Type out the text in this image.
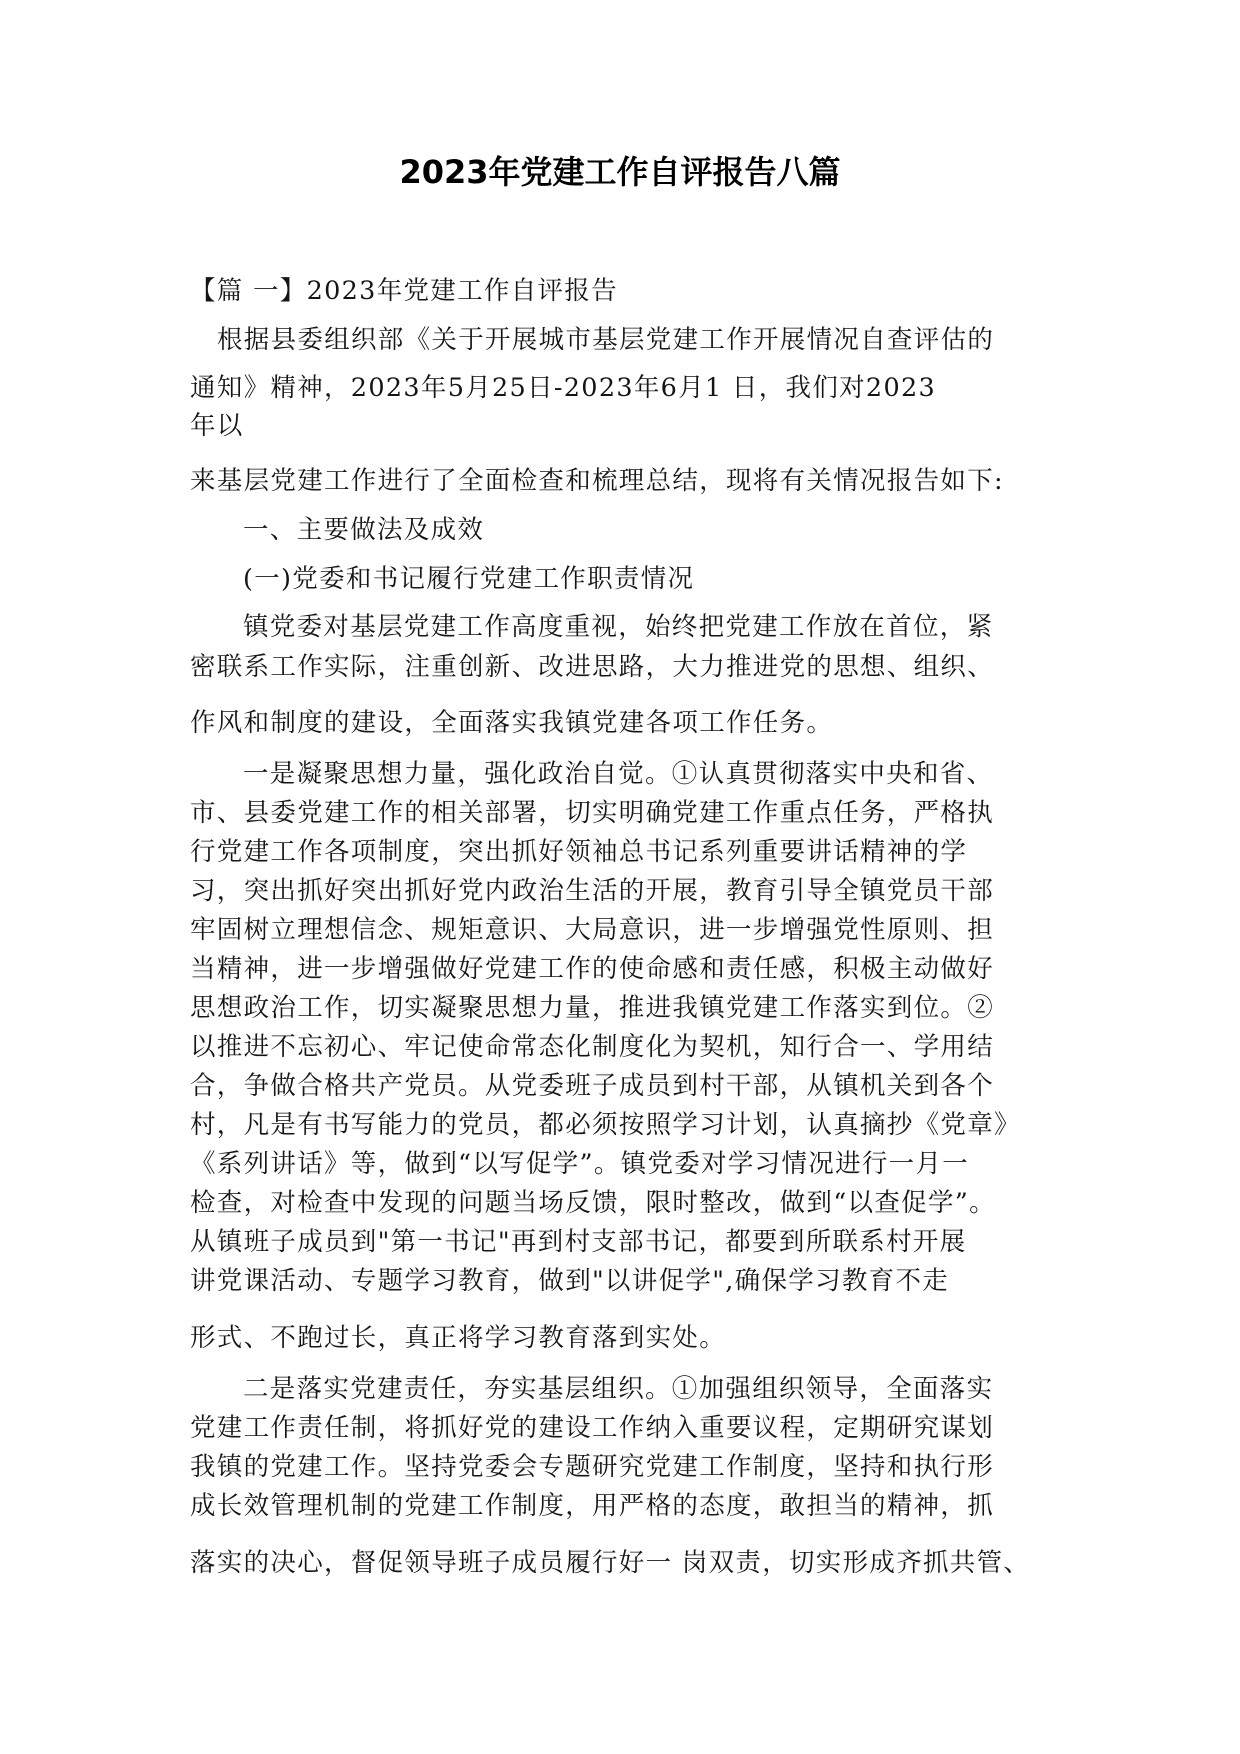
2023年党建工作自评报告八篇
【篇 一】2023年党建工作自评报告
根据县委组织部《关于开展城市基层党建工作开展情况自查评估的
通知》精神，2023年5月25日-2023年6月1 日，我们对2023
年以
来基层党建工作进行了全面检查和梳理总结，现将有关情况报告如下:
一、主要做法及成效
(一)党委和书记履行党建工作职责情况
镇党委对基层党建工作高度重视，始终把党建工作放在首位，紧
密联系工作实际，注重创新、改进思路，大力推进党的思想、组织、
作风和制度的建设，全面落实我镇党建各项工作任务。
一是凝聚思想力量，强化政治自觉。①认真贯彻落实中央和省、
市、县委党建工作的相关部署，切实明确党建工作重点任务，严格执
行党建工作各项制度，突出抓好领袖总书记系列重要讲话精神的学
习，突出抓好突出抓好党内政治生活的开展，教育引导全镇党员干部
牢固树立理想信念、规矩意识、大局意识，进一步增强党性原则、担
当精神，进一步增强做好党建工作的使命感和责任感，积极主动做好
思想政治工作，切实凝聚思想力量，推进我镇党建工作落实到位。②
以推进不忘初心、牢记使命常态化制度化为契机，知行合一、学用结
合，争做合格共产党员。从党委班子成员到村干部，从镇机关到各个
村，凡是有书写能力的党员，都必须按照学习计划，认真摘抄《党章》
《系列讲话》等，做到“以写促学”。镇党委对学习情况进行一月一
检查，对检查中发现的问题当场反馈，限时整改，做到“以查促学”。
从镇班子成员到"第一书记"再到村支部书记，都要到所联系村开展
讲党课活动、专题学习教育，做到"以讲促学",确保学习教育不走
形式、不跑过长，真正将学习教育落到实处。
二是落实党建责任，夯实基层组织。①加强组织领导，全面落实
党建工作责任制，将抓好党的建设工作纳入重要议程，定期研究谋划
我镇的党建工作。坚持党委会专题研究党建工作制度，坚持和执行形
成长效管理机制的党建工作制度，用严格的态度，敢担当的精神，抓
落实的决心，督促领导班子成员履行好一 岗双责，切实形成齐抓共管、
